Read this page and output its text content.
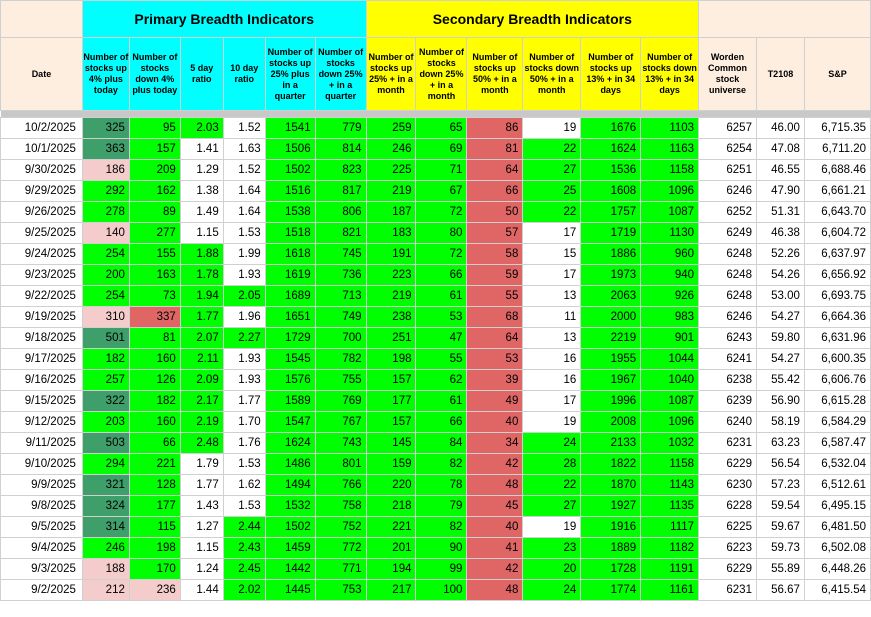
	Primary Breadth Indicators						Secondary Breadth Indicators								
Date	Number of stocks up 4% plus today	Number of stocks down 4% plus today	5 day ratio	10 day ratio	Number of stocks up 25% plus in a quarter	Number of stocks down 25% + in a quarter	Number of stocks up 25% + in a month	Number of stocks down 25% + in a month	Number of stocks up 50% + in a month	Number of stocks down 50% + in a month	Number of stocks up 13% + in 34 days	Number of stocks down 13% + in 34 days	Worden Common stock universe	T2108	S&P

10/2/2025	325	95	2.03	1.52	1541	779	259	65	86	19	1676	1103	6257	46.00	6,715.35
10/1/2025	363	157	1.41	1.63	1506	814	246	69	81	22	1624	1163	6254	47.08	6,711.20
9/30/2025	186	209	1.29	1.52	1502	823	225	71	64	27	1536	1158	6251	46.55	6,688.46
9/29/2025	292	162	1.38	1.64	1516	817	219	67	66	25	1608	1096	6246	47.90	6,661.21
9/26/2025	278	89	1.49	1.64	1538	806	187	72	50	22	1757	1087	6252	51.31	6,643.70
9/25/2025	140	277	1.15	1.53	1518	821	183	80	57	17	1719	1130	6249	46.38	6,604.72
9/24/2025	254	155	1.88	1.99	1618	745	191	72	58	15	1886	960	6248	52.26	6,637.97
9/23/2025	200	163	1.78	1.93	1619	736	223	66	59	17	1973	940	6248	54.26	6,656.92
9/22/2025	254	73	1.94	2.05	1689	713	219	61	55	13	2063	926	6248	53.00	6,693.75
9/19/2025	310	337	1.77	1.96	1651	749	238	53	68	11	2000	983	6246	54.27	6,664.36
9/18/2025	501	81	2.07	2.27	1729	700	251	47	64	13	2219	901	6243	59.80	6,631.96
9/17/2025	182	160	2.11	1.93	1545	782	198	55	53	16	1955	1044	6241	54.27	6,600.35
9/16/2025	257	126	2.09	1.93	1576	755	157	62	39	16	1967	1040	6238	55.42	6,606.76
9/15/2025	322	182	2.17	1.77	1589	769	177	61	49	17	1996	1087	6239	56.90	6,615.28
9/12/2025	203	160	2.19	1.70	1547	767	157	66	40	19	2008	1096	6240	58.19	6,584.29
9/11/2025	503	66	2.48	1.76	1624	743	145	84	34	24	2133	1032	6231	63.23	6,587.47
9/10/2025	294	221	1.79	1.53	1486	801	159	82	42	28	1822	1158	6229	56.54	6,532.04
9/9/2025	321	128	1.77	1.62	1494	766	220	78	48	22	1870	1143	6230	57.23	6,512.61
9/8/2025	324	177	1.43	1.53	1532	758	218	79	45	27	1927	1135	6228	59.54	6,495.15
9/5/2025	314	115	1.27	2.44	1502	752	221	82	40	19	1916	1117	6225	59.67	6,481.50
9/4/2025	246	198	1.15	2.43	1459	772	201	90	41	23	1889	1182	6223	59.73	6,502.08
9/3/2025	188	170	1.24	2.45	1442	771	194	99	42	20	1728	1191	6229	55.89	6,448.26
9/2/2025	212	236	1.44	2.02	1445	753	217	100	48	24	1774	1161	6231	56.67	6,415.54
